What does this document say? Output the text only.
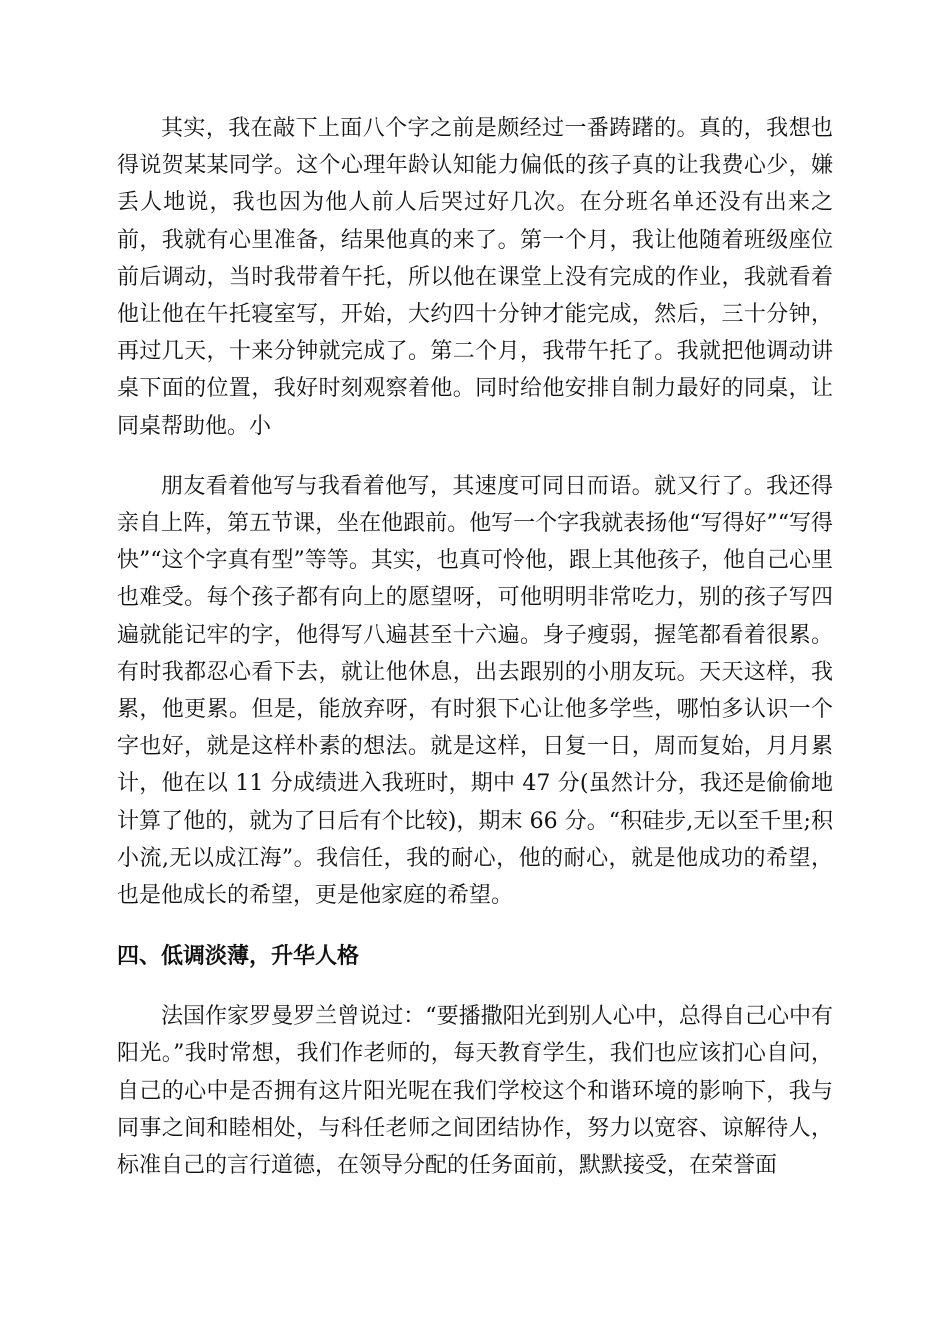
其实，我在敲下上面八个字之前是颇经过一番踌躇的。真的，我想也得说贺某某同学。这个心理年龄认知能力偏低的孩子真的让我费心少，嫌丢人地说，我也因为他人前人后哭过好几次。在分班名单还没有出来之前，我就有心里准备，结果他真的来了。第一个月，我让他随着班级座位前后调动，当时我带着午托，所以他在课堂上没有完成的作业，我就看着他让他在午托寝室写，开始，大约四十分钟才能完成，然后，三十分钟，再过几天，十来分钟就完成了。第二个月，我带午托了。我就把他调动讲桌下面的位置，我好时刻观察着他。同时给他安排自制力最好的同桌，让同桌帮助他。小

朋友看着他写与我看着他写，其速度可同日而语。就又行了。我还得亲自上阵，第五节课，坐在他跟前。他写一个字我就表扬他“写得好”“写得快”“这个字真有型”等等。其实，也真可怜他，跟上其他孩子，他自己心里也难受。每个孩子都有向上的愿望呀，可他明明非常吃力，别的孩子写四遍就能记牢的字，他得写八遍甚至十六遍。身子瘦弱，握笔都看着很累。有时我都忍心看下去，就让他休息，出去跟别的小朋友玩。天天这样，我累，他更累。但是，能放弃呀，有时狠下心让他多学些，哪怕多认识一个字也好，就是这样朴素的想法。就是这样，日复一日，周而复始，月月累计，他在以 11 分成绩进入我班时，期中 47 分(虽然计分，我还是偷偷地计算了他的，就为了日后有个比较)，期末 66 分。“积硅步,无以至千里;积小流,无以成江海”。我信任，我的耐心，他的耐心，就是他成功的希望，也是他成长的希望，更是他家庭的希望。

四、低调淡薄，升华人格

法国作家罗曼罗兰曾说过：“要播撒阳光到别人心中，总得自己心中有阳光。”我时常想，我们作老师的，每天教育学生，我们也应该扪心自问，自己的心中是否拥有这片阳光呢在我们学校这个和谐环境的影响下，我与同事之间和睦相处，与科任老师之间团结协作，努力以宽容、谅解待人，标准自己的言行道德，在领导分配的任务面前，默默接受，在荣誉面
